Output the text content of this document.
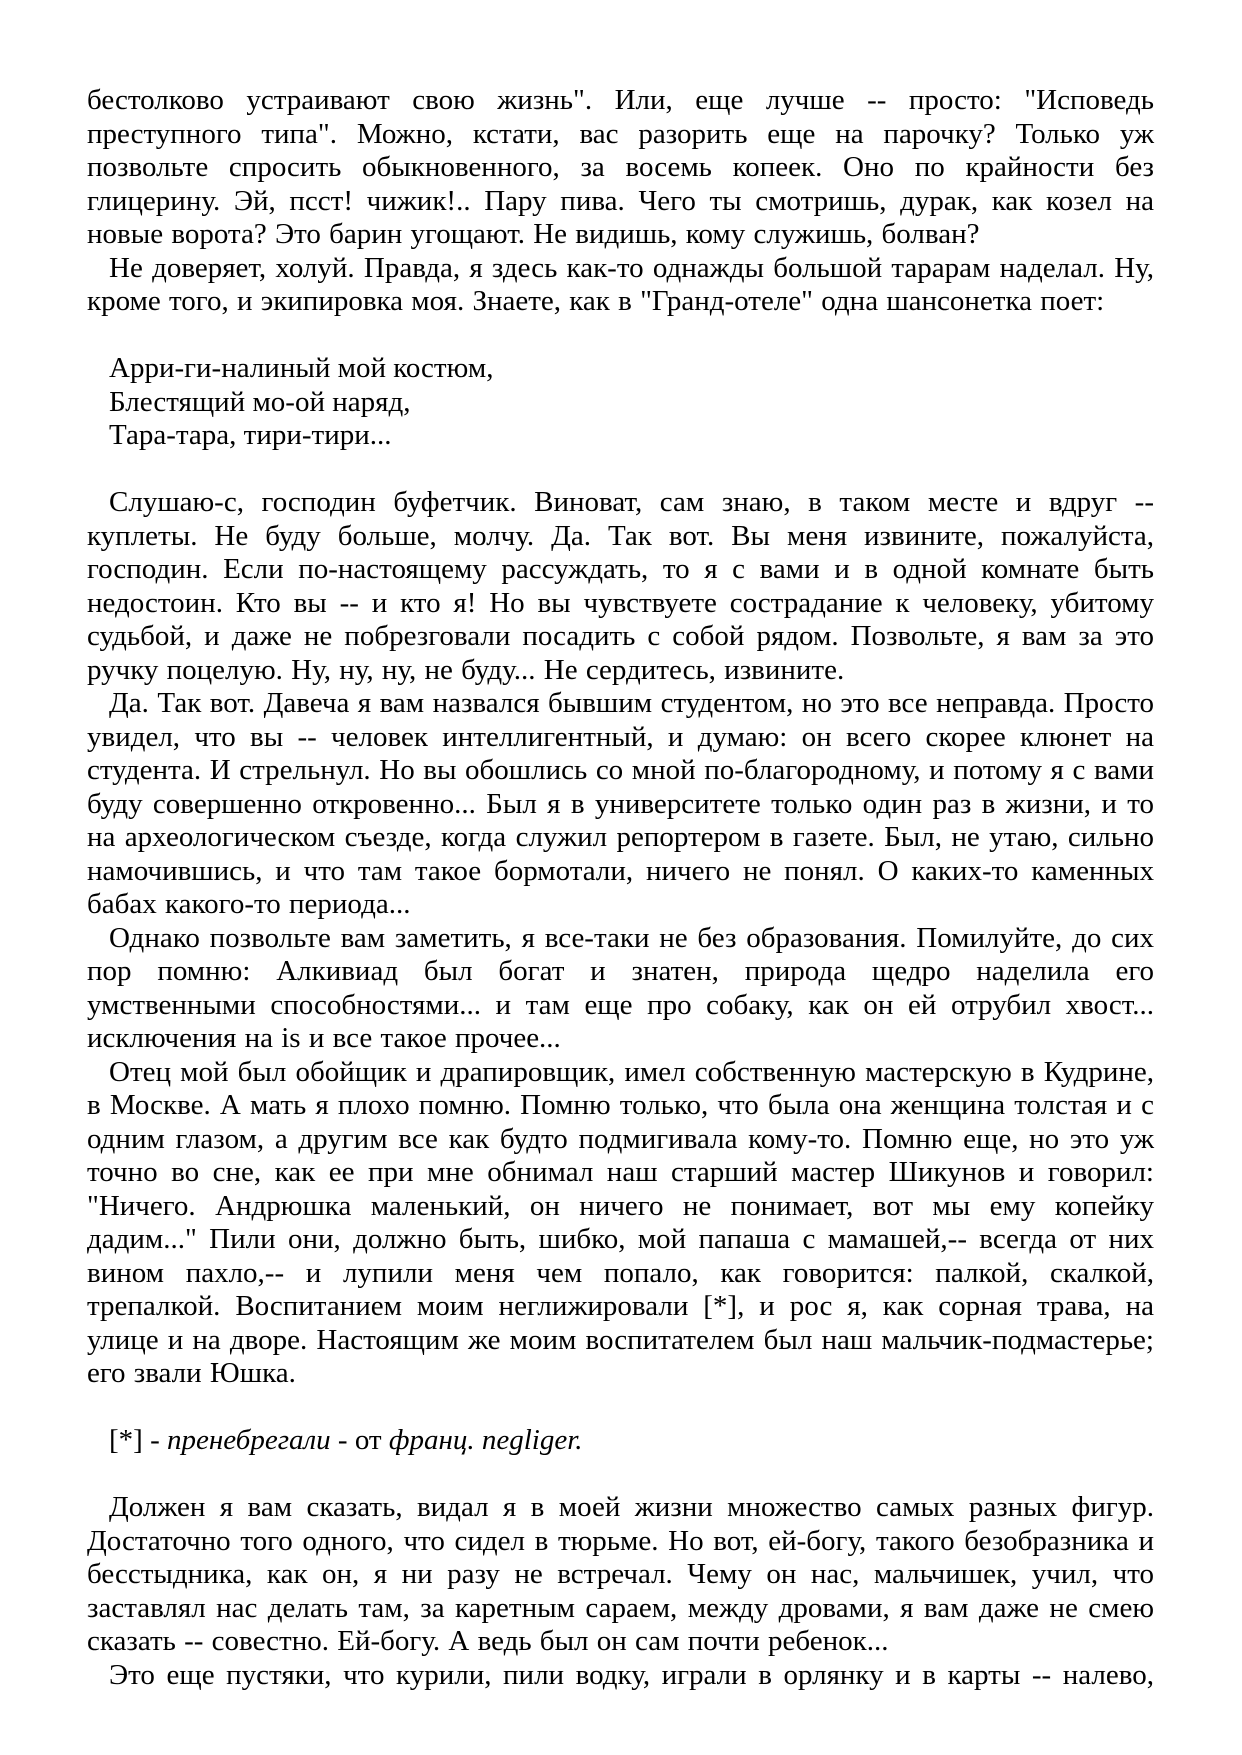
бестолково устраивают свою жизнь". Или, еще лучше -- просто: "Исповедь преступного типа". Можно, кстати, вас разорить еще на парочку? Только уж позвольте спросить обыкновенного, за восемь копеек. Оно по крайности без глицерину. Эй, псст! чижик!.. Пару пива. Чего ты смотришь, дурак, как козел на новые ворота? Это барин угощают. Не видишь, кому служишь, болван?

Не доверяет, холуй. Правда, я здесь как-то однажды большой тарарам наделал. Ну, кроме того, и экипировка моя. Знаете, как в "Гранд-отеле" одна шансонетка поет:

Арри-ги-налиный мой костюм,
Блестящий мо-ой наряд,
Тара-тара, тири-тири...

Слушаю-с, господин буфетчик. Виноват, сам знаю, в таком месте и вдруг -- куплеты. Не буду больше, молчу. Да. Так вот. Вы меня извините, пожалуйста, господин. Если по-настоящему рассуждать, то я с вами и в одной комнате быть недостоин. Кто вы -- и кто я! Но вы чувствуете сострадание к человеку, убитому судьбой, и даже не побрезговали посадить с собой рядом. Позвольте, я вам за это ручку поцелую. Ну, ну, ну, не буду... Не сердитесь, извините.

Да. Так вот. Давеча я вам назвался бывшим студентом, но это все неправда. Просто увидел, что вы -- человек интеллигентный, и думаю: он всего скорее клюнет на студента. И стрельнул. Но вы обошлись со мной по-благородному, и потому я с вами буду совершенно откровенно... Был я в университете только один раз в жизни, и то на археологическом съезде, когда служил репортером в газете. Был, не утаю, сильно намочившись, и что там такое бормотали, ничего не понял. О каких-то каменных бабах какого-то периода...

Однако позвольте вам заметить, я все-таки не без образования. Помилуйте, до сих пор помню: Алкивиад был богат и знатен, природа щедро наделила его умственными способностями... и там еще про собаку, как он ей отрубил хвост... исключения на is и все такое прочее...

Отец мой был обойщик и драпировщик, имел собственную мастерскую в Кудрине, в Москве. А мать я плохо помню. Помню только, что была она женщина толстая и с одним глазом, а другим все как будто подмигивала кому-то. Помню еще, но это уж точно во сне, как ее при мне обнимал наш старший мастер Шикунов и говорил: "Ничего. Андрюшка маленький, он ничего не понимает, вот мы ему копейку дадим..." Пили они, должно быть, шибко, мой папаша с мамашей,-- всегда от них вином пахло,-- и лупили меня чем попало, как говорится: палкой, скалкой, трепалкой. Воспитанием моим неглижировали [*], и рос я, как сорная трава, на улице и на дворе. Настоящим же моим воспитателем был наш мальчик-подмастерье; его звали Юшка.

[*] - пренебрегали - от франц. negliger.

Должен я вам сказать, видал я в моей жизни множество самых разных фигур. Достаточно того одного, что сидел в тюрьме. Но вот, ей-богу, такого безобразника и бесстыдника, как он, я ни разу не встречал. Чему он нас, мальчишек, учил, что заставлял нас делать там, за каретным сараем, между дровами, я вам даже не смею сказать -- совестно. Ей-богу. А ведь был он сам почти ребенок...

Это еще пустяки, что курили, пили водку, играли в орлянку и в карты -- налево,
